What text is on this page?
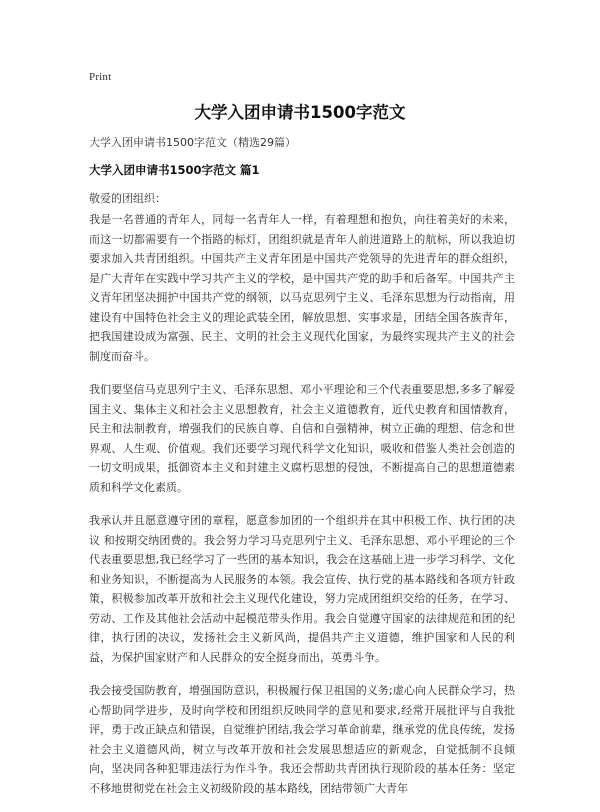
Print
大学入团申请书1500字范文
大学入团申请书1500字范文（精选29篇）
大学入团申请书1500字范文 篇1
敬爱的团组织：

我是一名普通的青年人，同每一名青年人一样，有着理想和抱负，向往着美好的未来，而这一切都需要有一个指路的标灯，团组织就是青年人前进道路上的航标，所以我迫切要求加入共青团组织。中国共产主义青年团是中国共产党领导的先进青年的群众组织，是广大青年在实践中学习共产主义的学校，是中国共产党的助手和后备军。中国共产主义青年团坚决拥护中国共产党的纲领，以马克思列宁主义、毛泽东思想为行动指南，用建设有中国特色社会主义的理论武装全团，解放思想、实事求是，团结全国各族青年，把我国建设成为富强、民主、文明的社会主义现代化国家，为最终实现共产主义的社会制度而奋斗。

我们要坚信马克思列宁主义、毛泽东思想、邓小平理论和三个代表重要思想,多多了解爱国主义、集体主义和社会主义思想教育，社会主义道德教育，近代史教育和国情教育，民主和法制教育，增强我们的民族自尊、自信和自强精神，树立正确的理想、信念和世界观、人生观、价值观。我们还要学习现代科学文化知识，吸收和借鉴人类社会创造的一切文明成果，抵御资本主义和封建主义腐朽思想的侵蚀，不断提高自己的思想道德素质和科学文化素质。

我承认并且愿意遵守团的章程，愿意参加团的一个组织并在其中积极工作、执行团的决议 和按期交纳团费的。我会努力学习马克思列宁主义、毛泽东思想、邓小平理论的三个代表重要思想,我已经学习了一些团的基本知识，我会在这基础上进一步学习科学、文化和业务知识，不断提高为人民服务的本领。我会宣传、执行党的基本路线和各项方针政策，积极参加改革开放和社会主义现代化建设，努力完成团组织交给的任务，在学习、劳动、工作及其他社会活动中起模范带头作用。我会自觉遵守国家的法律规范和团的纪律，执行团的决议，发扬社会主义新风尚，提倡共产主义道德，维护国家和人民的利益，为保护国家财产和人民群众的安全挺身而出，英勇斗争。

我会接受国防教育，增强国防意识，积极履行保卫祖国的义务;虚心向人民群众学习，热心帮助同学进步，及时向学校和团组织反映同学的意见和要求,经常开展批评与自我批评，勇于改正缺点和错误，自觉维护团结,我会学习革命前辈，继承党的优良传统，发扬社会主义道德风尚，树立与改革开放和社会发展思想适应的新观念，自觉抵制不良倾向，坚决同各种犯罪违法行为作斗争。我还会帮助共青团执行现阶段的基本任务：坚定不移地贯彻党在社会主义初级阶段的基本路线，团结带领广大青年
